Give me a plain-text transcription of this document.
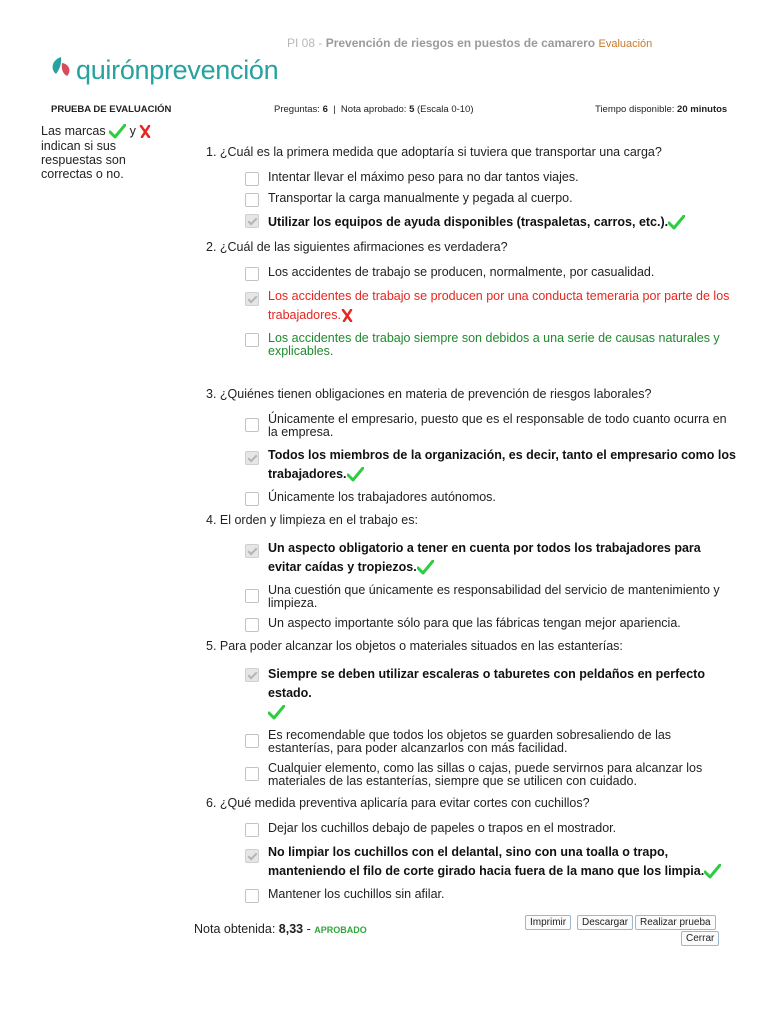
PI 08 - Prevención de riesgos en puestos de camarero Evaluación
quirónprevención
PRUEBA DE EVALUACIÓN	Preguntas: 6  |  Nota aprobado: 5 (Escala 0-10)	Tiempo disponible: 20 minutos
Las marcas y
indican si sus respuestas son correctas o no.
1. ¿Cuál es la primera medida que adoptaría si tuviera que transportar una carga?
Intentar llevar el máximo peso para no dar tantos viajes.
Transportar la carga manualmente y pegada al cuerpo.
Utilizar los equipos de ayuda disponibles (traspaletas, carros, etc.).
2. ¿Cuál de las siguientes afirmaciones es verdadera?
Los accidentes de trabajo se producen, normalmente, por casualidad.
Los accidentes de trabajo se producen por una conducta temeraria por parte de los trabajadores.
Los accidentes de trabajo siempre son debidos a una serie de causas naturales y explicables.
3. ¿Quiénes tienen obligaciones en materia de prevención de riesgos laborales?
Únicamente el empresario, puesto que es el responsable de todo cuanto ocurra en la empresa.
Todos los miembros de la organización, es decir, tanto el empresario como los trabajadores.
Únicamente los trabajadores autónomos.
4. El orden y limpieza en el trabajo es:
Un aspecto obligatorio a tener en cuenta por todos los trabajadores para evitar caídas y tropiezos.
Una cuestión que únicamente es responsabilidad del servicio de mantenimiento y limpieza.
Un aspecto importante sólo para que las fábricas tengan mejor apariencia.
5. Para poder alcanzar los objetos o materiales situados en las estanterías:
Siempre se deben utilizar escaleras o taburetes con peldaños en perfecto estado.

Es recomendable que todos los objetos se guarden sobresaliendo de las estanterías, para poder alcanzarlos con más facilidad.
Cualquier elemento, como las sillas o cajas, puede servirnos para alcanzar los materiales de las estanterías, siempre que se utilicen con cuidado.
6. ¿Qué medida preventiva aplicaría para evitar cortes con cuchillos?
Dejar los cuchillos debajo de papeles o trapos en el mostrador.
No limpiar los cuchillos con el delantal, sino con una toalla o trapo, manteniendo el filo de corte girado hacia fuera de la mano que los limpia.
Mantener los cuchillos sin afilar.
Nota obtenida: 8,33 - APROBADO
Imprimir	Descargar	Realizar prueba
Cerrar
